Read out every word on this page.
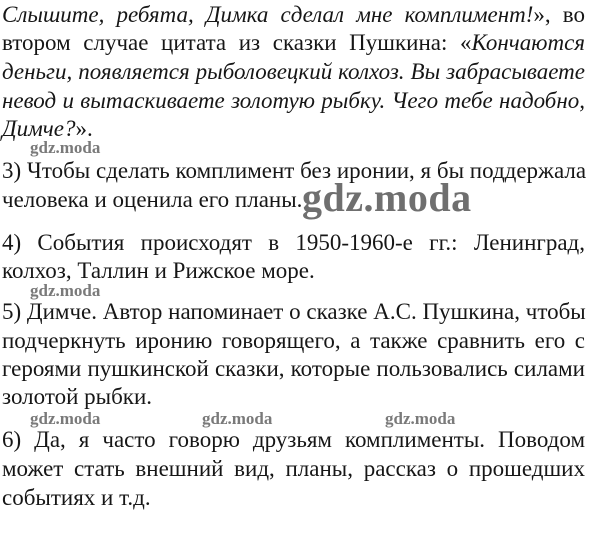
Слышите, ребята, Димка сделал мне комплимент!», во
втором случае цитата из сказки Пушкина: «Кончаются
деньги, появляется рыболовецкий колхоз. Вы забрасываете
невод и вытаскиваете золотую рыбку. Чего тебе надобно,
Димче?».
3) Чтобы сделать комплимент без иронии, я бы поддержала
человека и оценила его планы.
4) События происходят в 1950-1960-е гг.: Ленинград,
колхоз, Таллин и Рижское море.
5) Димче. Автор напоминает о сказке А.С. Пушкина, чтобы
подчеркнуть иронию говорящего, а также сравнить его с
героями пушкинской сказки, которые пользовались силами
золотой рыбки.
6) Да, я часто говорю друзьям комплименты. Поводом
может стать внешний вид, планы, рассказ о прошедших
событиях и т.д.
gdz.moda
gdz.moda
gdz.moda
gdz.moda	gdz.moda	gdz.moda
